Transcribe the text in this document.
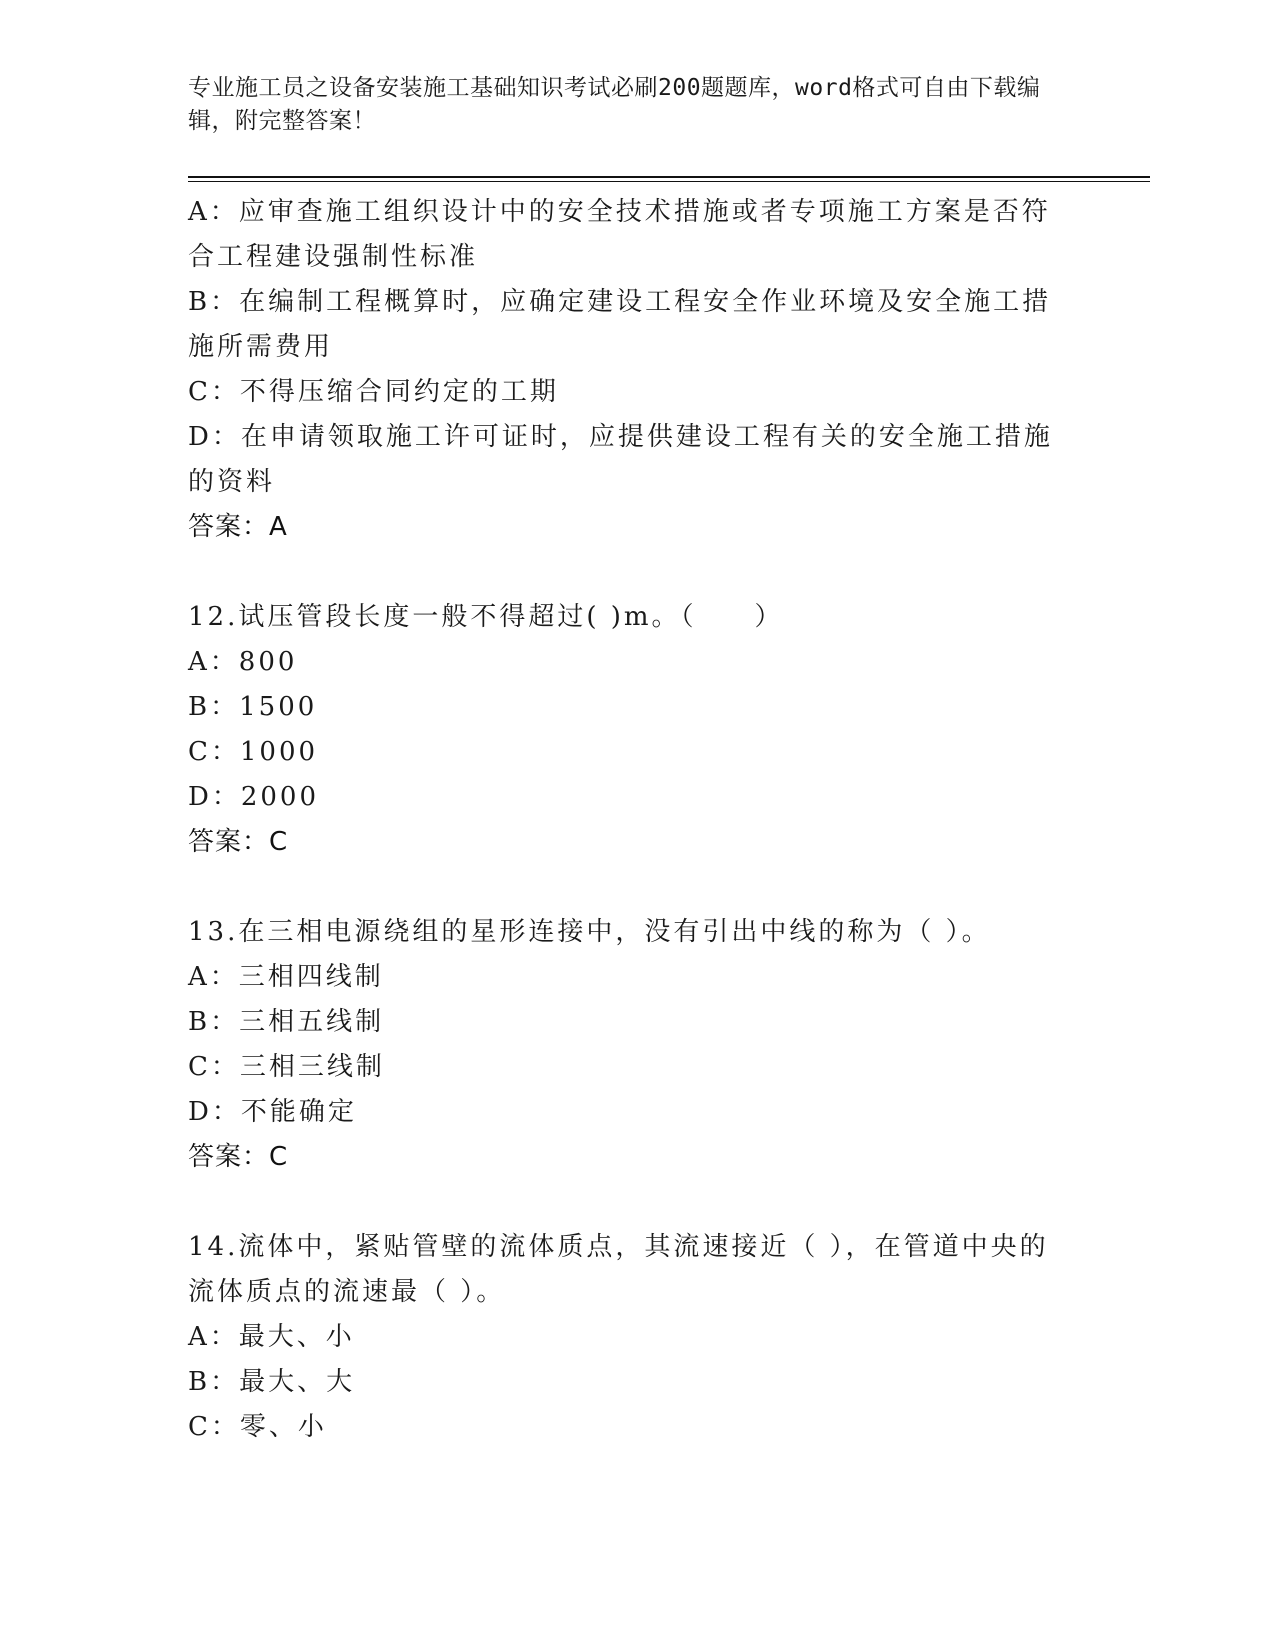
专业施工员之设备安装施工基础知识考试必刷200题题库，word格式可自由下载编辑，附完整答案！

A：应审查施工组织设计中的安全技术措施或者专项施工方案是否符合工程建设强制性标准

B：在编制工程概算时，应确定建设工程安全作业环境及安全施工措施所需费用

C：不得压缩合同约定的工期

D：在申请领取施工许可证时，应提供建设工程有关的安全施工措施的资料

答案：A

12.试压管段长度一般不得超过( )m。（　　）

A：800

B：1500

C：1000

D：2000

答案：C

13.在三相电源绕组的星形连接中，没有引出中线的称为（ ）。

A：三相四线制

B：三相五线制

C：三相三线制

D：不能确定

答案：C

14.流体中，紧贴管壁的流体质点，其流速接近（ ），在管道中央的流体质点的流速最（ ）。

A：最大、小

B：最大、大

C：零、小
